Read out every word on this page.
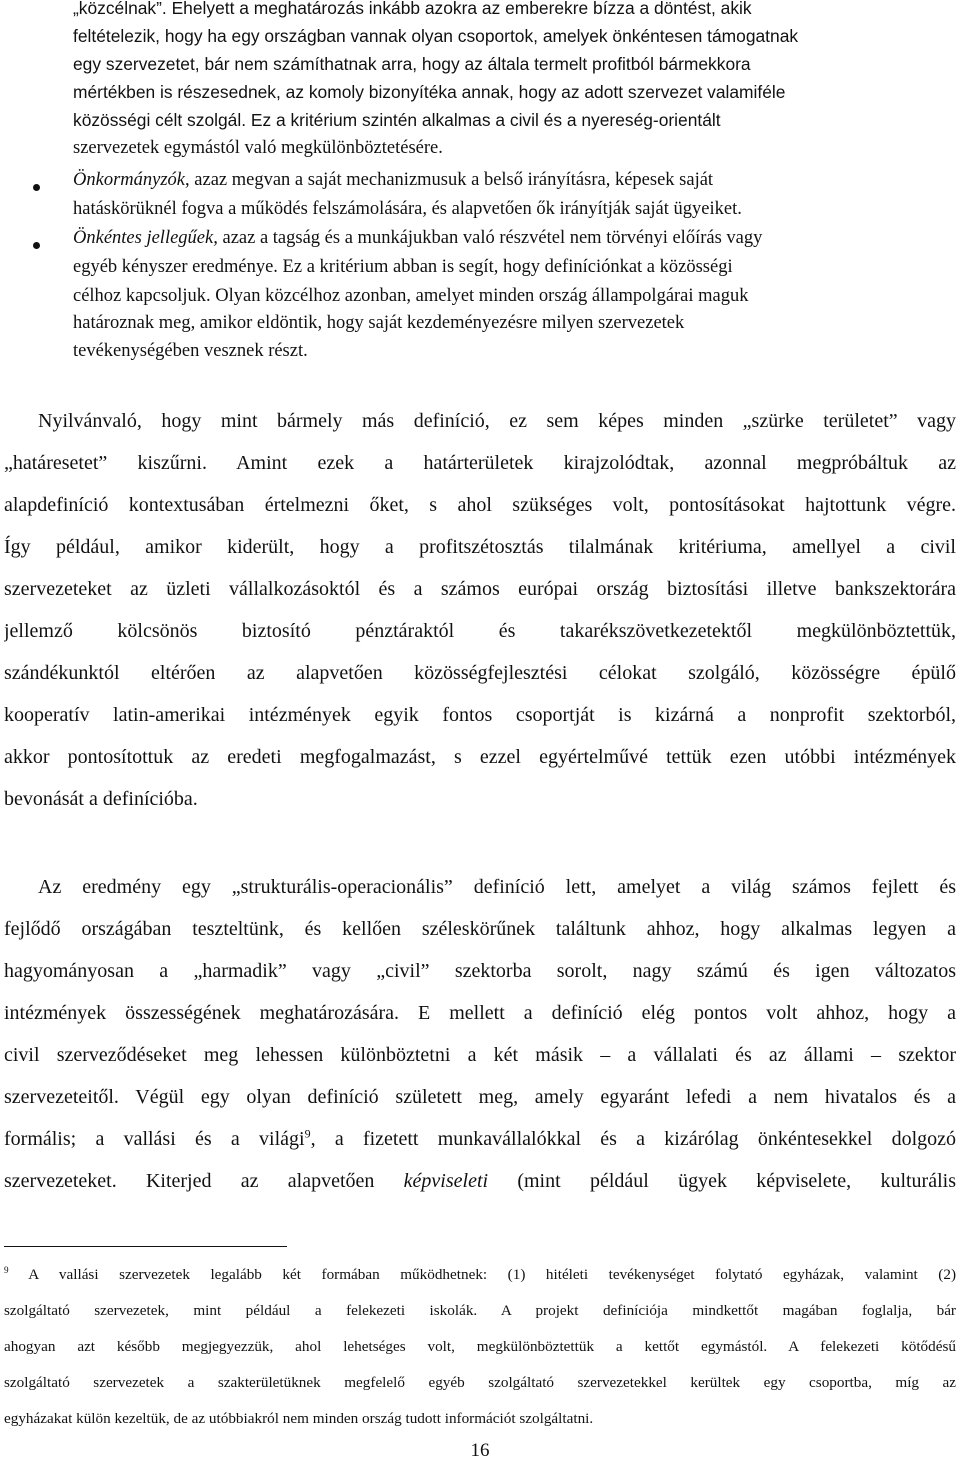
„közcélnak”. Ehelyett a meghatározás inkább azokra az emberekre bízza a döntést, akik
feltételezik, hogy ha egy országban vannak olyan csoportok, amelyek önkéntesen támogatnak
egy szervezetet, bár nem számíthatnak arra, hogy az általa termelt profitból bármekkora
mértékben is részesednek, az komoly bizonyítéka annak, hogy az adott szervezet valamiféle
közösségi célt szolgál. Ez a kritérium szintén alkalmas a civil és a nyereség-orientált
szervezetek egymástól való megkülönböztetésére.
Önkormányzók, azaz megvan a saját mechanizmusuk a belső irányításra, képesek saját
hatáskörüknél fogva a működés felszámolására, és alapvetően ők irányítják saját ügyeiket.
Önkéntes jellegűek, azaz a tagság és a munkájukban való részvétel nem törvényi előírás vagy
egyéb kényszer eredménye. Ez a kritérium abban is segít, hogy definíciónkat a közösségi
célhoz kapcsoljuk. Olyan közcélhoz azonban, amelyet minden ország állampolgárai maguk
határoznak meg, amikor eldöntik, hogy saját kezdeményezésre milyen szervezetek
tevékenységében vesznek részt.
Nyilvánvaló, hogy mint bármely más definíció, ez sem képes minden „szürke területet” vagy
„határesetet” kiszűrni. Amint ezek a határterületek kirajzolódtak, azonnal megpróbáltuk az
alapdefiníció kontextusában értelmezni őket, s ahol szükséges volt, pontosításokat hajtottunk végre.
Így például, amikor kiderült, hogy a profitszétosztás tilalmának kritériuma, amellyel a civil
szervezeteket az üzleti vállalkozásoktól és a számos európai ország biztosítási illetve bankszektorára
jellemző kölcsönös biztosító pénztáraktól és takarékszövetkezetektől megkülönböztettük,
szándékunktól eltérően az alapvetően közösségfejlesztési célokat szolgáló, közösségre épülő
kooperatív latin-amerikai intézmények egyik fontos csoportját is kizárná a nonprofit szektorból,
akkor pontosítottuk az eredeti megfogalmazást, s ezzel egyértelművé tettük ezen utóbbi intézmények
bevonását a definícióba.
Az eredmény egy „strukturális-operacionális” definíció lett, amelyet a világ számos fejlett és
fejlődő országában teszteltünk, és kellően széleskörűnek találtunk ahhoz, hogy alkalmas legyen a
hagyományosan a „harmadik” vagy „civil” szektorba sorolt, nagy számú és igen változatos
intézmények összességének meghatározására. E mellett a definíció elég pontos volt ahhoz, hogy a
civil szerveződéseket meg lehessen különböztetni a két másik – a vállalati és az állami – szektor
szervezeteitől. Végül egy olyan definíció született meg, amely egyaránt lefedi a nem hivatalos és a
formális; a vallási és a világi$^9$, a fizetett munkavállalókkal és a kizárólag önkéntesekkel dolgozó
szervezeteket. Kiterjed az alapvetően képviseleti (mint például ügyek képviselete, kulturális
$^9$ A vallási szervezetek legalább két formában működhetnek: (1) hitéleti tevékenységet folytató egyházak, valamint (2)
szolgáltató szervezetek, mint például a felekezeti iskolák. A projekt definíciója mindkettőt magában foglalja, bár
ahogyan azt később megjegyezzük, ahol lehetséges volt, megkülönböztettük a kettőt egymástól. A felekezeti kötődésű
szolgáltató szervezetek a szakterületüknek megfelelő egyéb szolgáltató szervezetekkel kerültek egy csoportba, míg az
egyházakat külön kezeltük, de az utóbbiakról nem minden ország tudott információt szolgáltatni.
16
